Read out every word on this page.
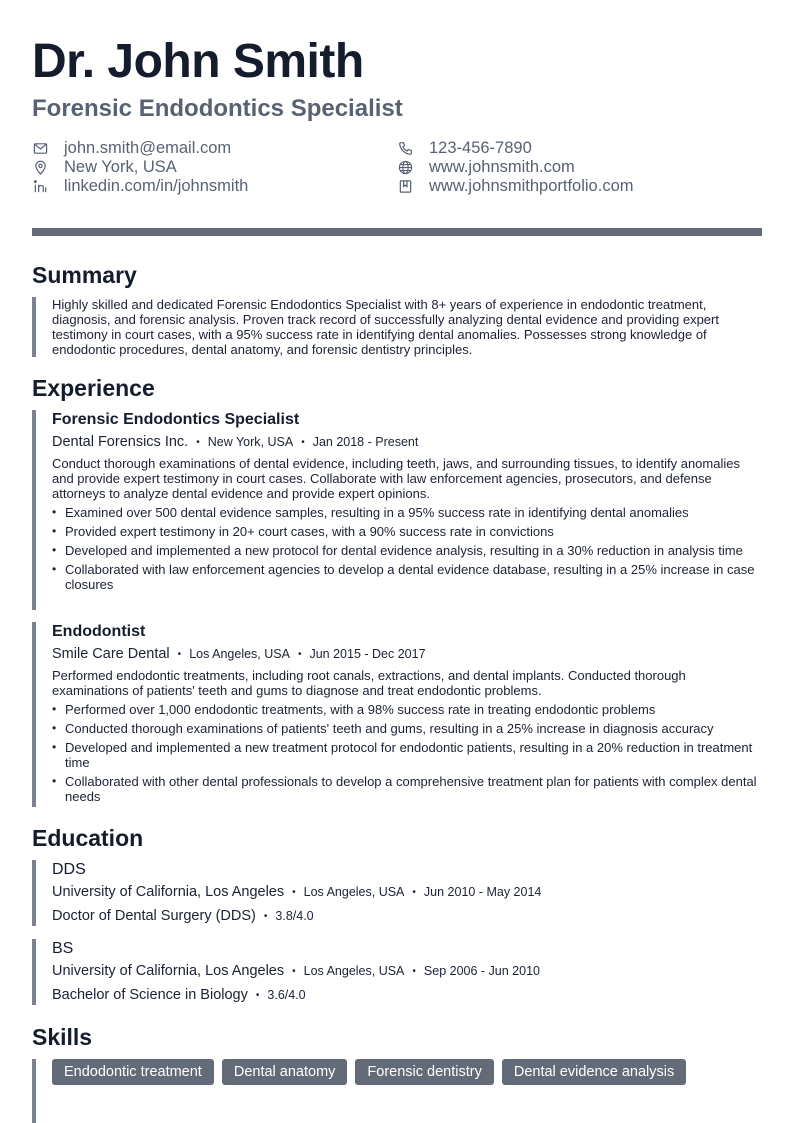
Dr. John Smith
Forensic Endodontics Specialist
john.smith@email.com
New York, USA
linkedin.com/in/johnsmith
123-456-7890
www.johnsmith.com
www.johnsmithportfolio.com
Summary
Highly skilled and dedicated Forensic Endodontics Specialist with 8+ years of experience in endodontic treatment, diagnosis, and forensic analysis. Proven track record of successfully analyzing dental evidence and providing expert testimony in court cases, with a 95% success rate in identifying dental anomalies. Possesses strong knowledge of endodontic procedures, dental anatomy, and forensic dentistry principles.
Experience
Forensic Endodontics Specialist
Dental Forensics Inc. • New York, USA • Jan 2018 - Present
Conduct thorough examinations of dental evidence, including teeth, jaws, and surrounding tissues, to identify anomalies and provide expert testimony in court cases. Collaborate with law enforcement agencies, prosecutors, and defense attorneys to analyze dental evidence and provide expert opinions.
• Examined over 500 dental evidence samples, resulting in a 95% success rate in identifying dental anomalies
• Provided expert testimony in 20+ court cases, with a 90% success rate in convictions
• Developed and implemented a new protocol for dental evidence analysis, resulting in a 30% reduction in analysis time
• Collaborated with law enforcement agencies to develop a dental evidence database, resulting in a 25% increase in case closures
Endodontist
Smile Care Dental • Los Angeles, USA • Jun 2015 - Dec 2017
Performed endodontic treatments, including root canals, extractions, and dental implants. Conducted thorough examinations of patients' teeth and gums to diagnose and treat endodontic problems.
• Performed over 1,000 endodontic treatments, with a 98% success rate in treating endodontic problems
• Conducted thorough examinations of patients' teeth and gums, resulting in a 25% increase in diagnosis accuracy
• Developed and implemented a new treatment protocol for endodontic patients, resulting in a 20% reduction in treatment time
• Collaborated with other dental professionals to develop a comprehensive treatment plan for patients with complex dental needs
Education
DDS
University of California, Los Angeles • Los Angeles, USA • Jun 2010 - May 2014
Doctor of Dental Surgery (DDS) • 3.8/4.0
BS
University of California, Los Angeles • Los Angeles, USA • Sep 2006 - Jun 2010
Bachelor of Science in Biology • 3.6/4.0
Skills
Endodontic treatment	Dental anatomy	Forensic dentistry	Dental evidence analysis
